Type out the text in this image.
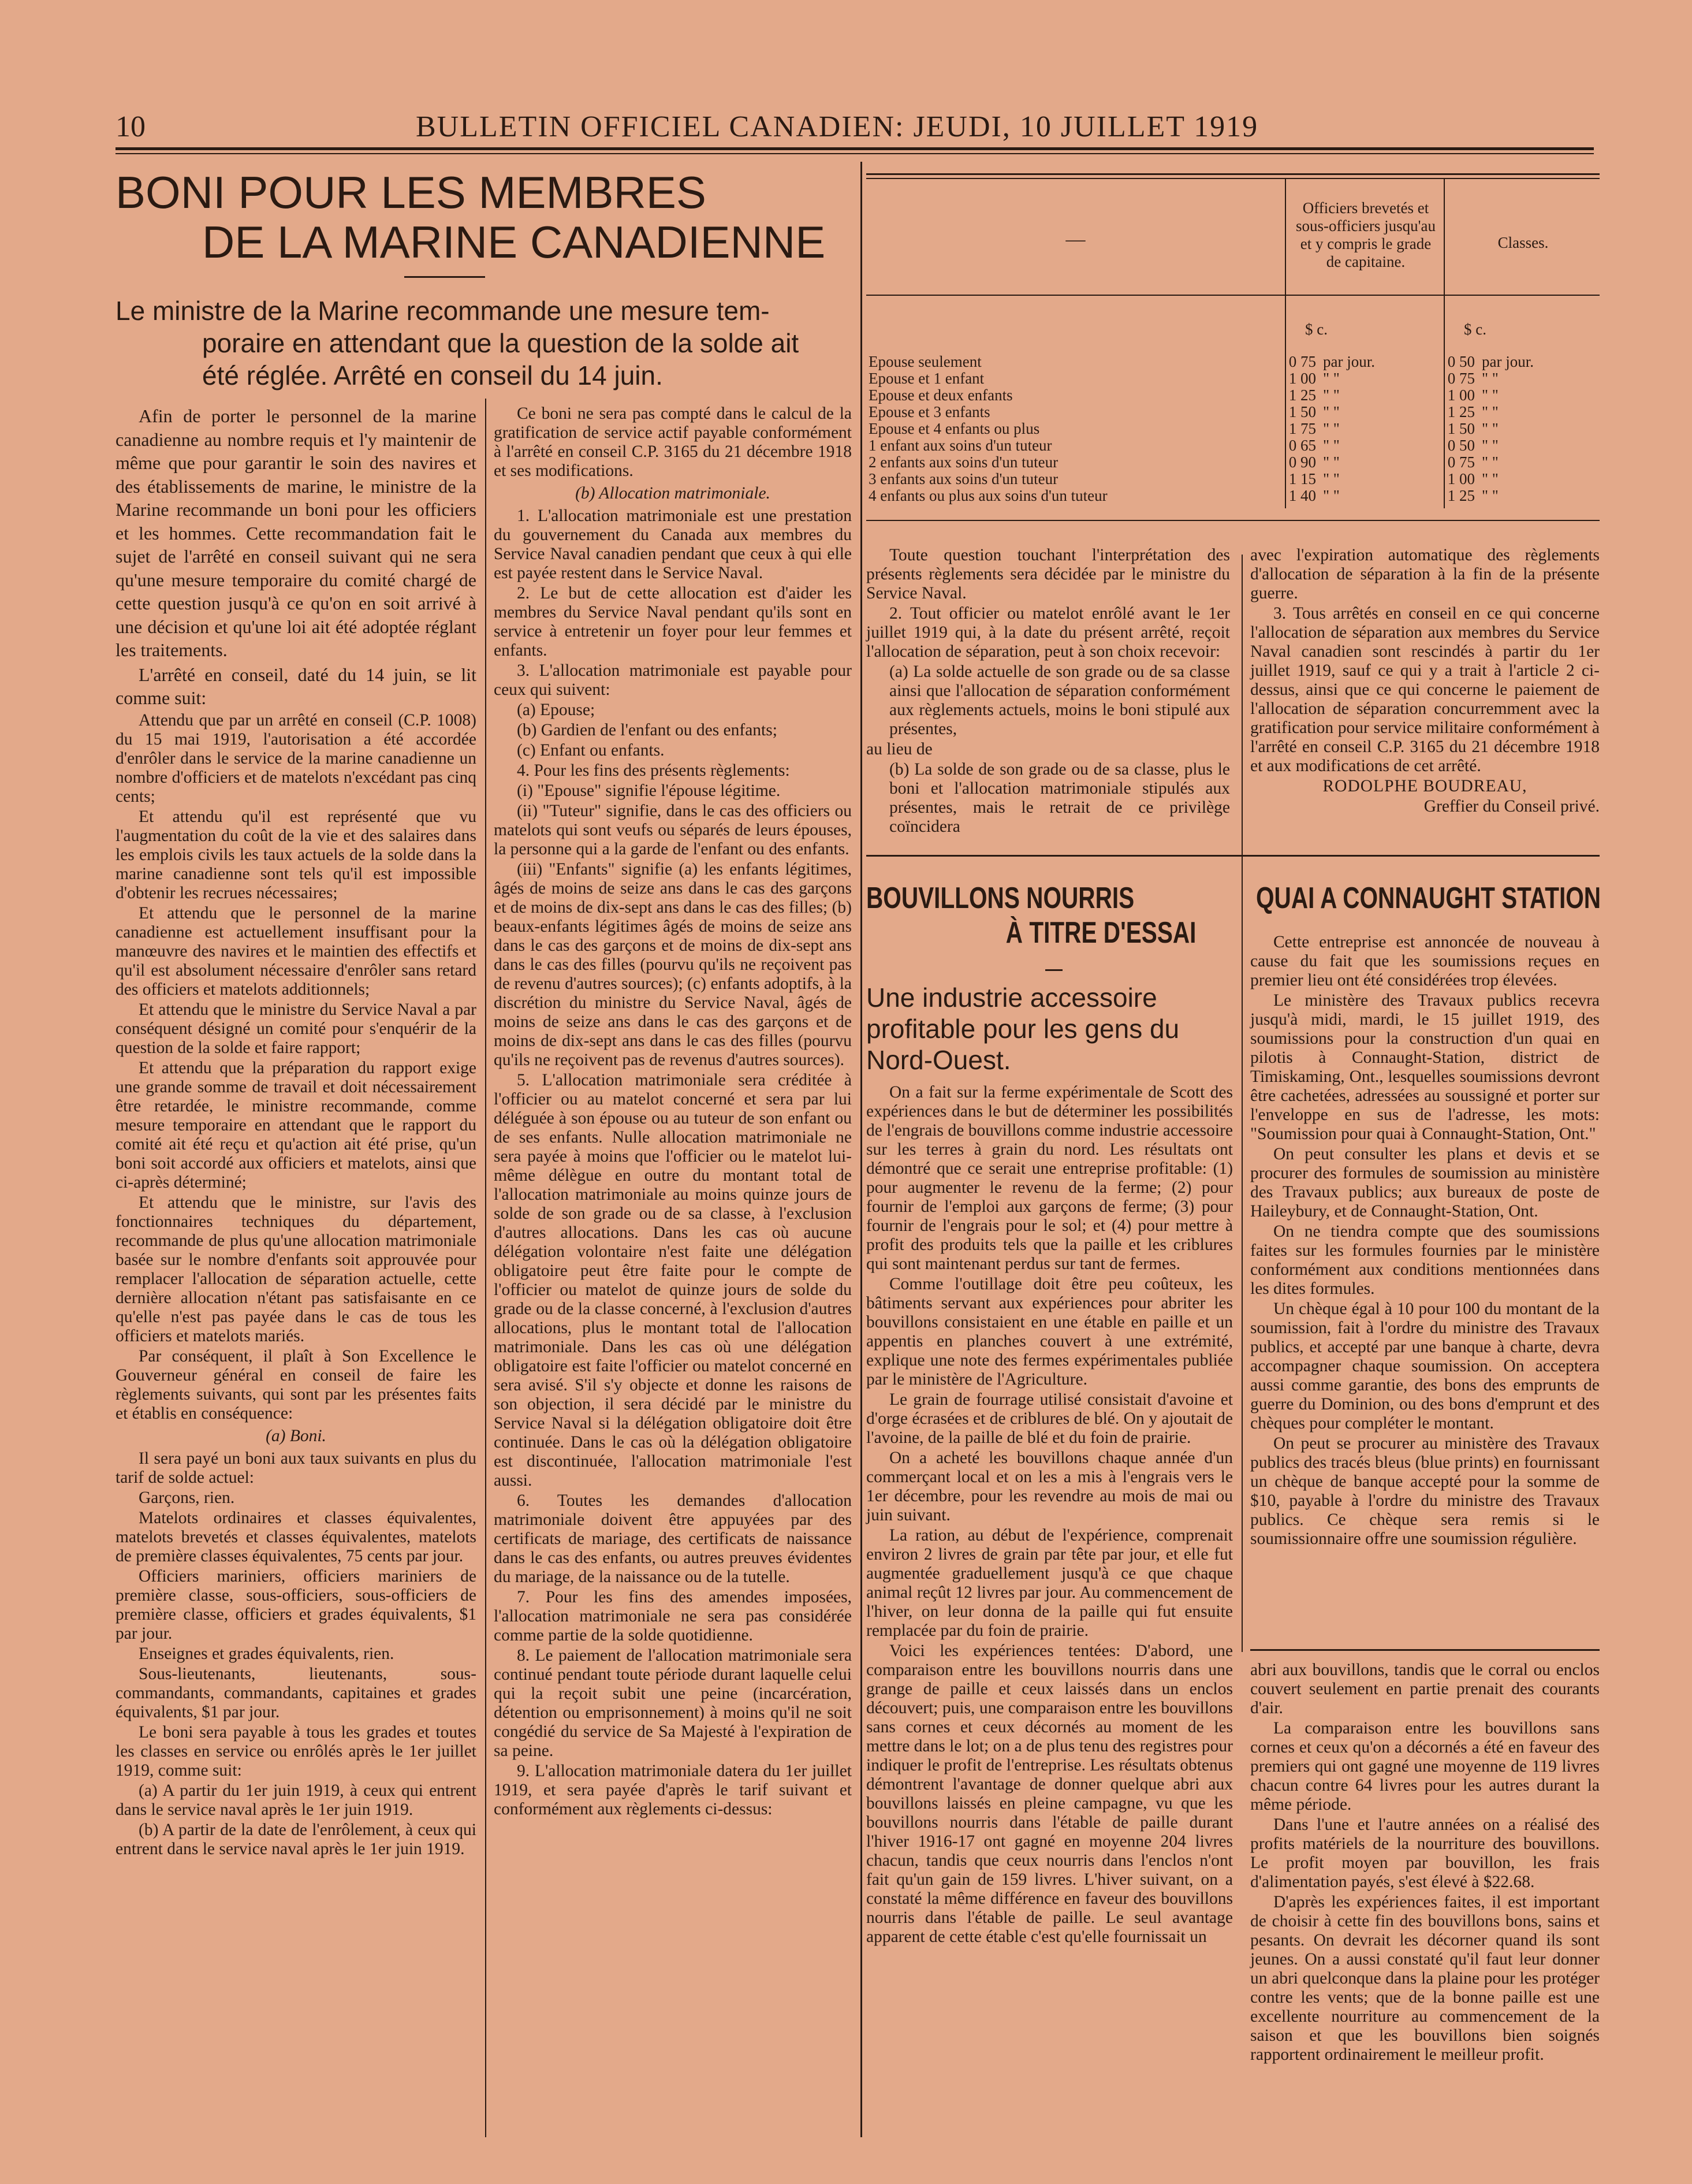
10	BULLETIN OFFICIEL CANADIEN: JEUDI, 10 JUILLET 1919
BONI POUR LES MEMBRES
DE LA MARINE CANADIENNE
Le ministre de la Marine recommande une mesure tem-
poraire en attendant que la question de la solde ait
été réglée. Arrêté en conseil du 14 juin.

Afin de porter le personnel de la marine canadienne au nombre requis et l'y maintenir de même que pour garantir le soin des navires et des établissements de marine, le ministre de la Marine recommande un boni pour les officiers et les hommes. Cette recommandation fait le sujet de l'arrêté en conseil suivant qui ne sera qu'une mesure temporaire du comité chargé de cette question jusqu'à ce qu'on en soit arrivé à une décision et qu'une loi ait été adoptée réglant les traitements.

L'arrêté en conseil, daté du 14 juin, se lit comme suit:

Attendu que par un arrêté en conseil (C.P. 1008) du 15 mai 1919, l'autorisation a été accordée d'enrôler dans le service de la marine canadienne un nombre d'officiers et de matelots n'excédant pas cinq cents;

Et attendu qu'il est représenté que vu l'augmentation du coût de la vie et des salaires dans les emplois civils les taux actuels de la solde dans la marine canadienne sont tels qu'il est impossible d'obtenir les recrues nécessaires;

Et attendu que le personnel de la marine canadienne est actuellement insuffisant pour la manœuvre des navires et le maintien des effectifs et qu'il est absolument nécessaire d'enrôler sans retard des officiers et matelots additionnels;

Et attendu que le ministre du Service Naval a par conséquent désigné un comité pour s'enquérir de la question de la solde et faire rapport;

Et attendu que la préparation du rapport exige une grande somme de travail et doit nécessairement être retardée, le ministre recommande, comme mesure temporaire en attendant que le rapport du comité ait été reçu et qu'action ait été prise, qu'un boni soit accordé aux officiers et matelots, ainsi que ci-après déterminé;

Et attendu que le ministre, sur l'avis des fonctionnaires techniques du département, recommande de plus qu'une allocation matrimoniale basée sur le nombre d'enfants soit approuvée pour remplacer l'allocation de séparation actuelle, cette dernière allocation n'étant pas satisfaisante en ce qu'elle n'est pas payée dans le cas de tous les officiers et matelots mariés.

Par conséquent, il plaît à Son Excellence le Gouverneur général en conseil de faire les règlements suivants, qui sont par les présentes faits et établis en conséquence:

(a) Boni.

Il sera payé un boni aux taux suivants en plus du tarif de solde actuel:

Garçons, rien.

Matelots ordinaires et classes équivalentes, matelots brevetés et classes équivalentes, matelots de première classes équivalentes, 75 cents par jour.

Officiers mariniers, officiers mariniers de première classe, sous-officiers, sous-officiers de première classe, officiers et grades équivalents, $1 par jour.

Enseignes et grades équivalents, rien.

Sous-lieutenants, lieutenants, sous-commandants, commandants, capitaines et grades équivalents, $1 par jour.

Le boni sera payable à tous les grades et toutes les classes en service ou enrôlés après le 1er juillet 1919, comme suit:

(a) A partir du 1er juin 1919, à ceux qui entrent dans le service naval après le 1er juin 1919.

(b) A partir de la date de l'enrôlement, à ceux qui entrent dans le service naval après le 1er juin 1919.

Ce boni ne sera pas compté dans le calcul de la gratification de service actif payable conformément à l'arrêté en conseil C.P. 3165 du 21 décembre 1918 et ses modifications.

(b) Allocation matrimoniale.

1. L'allocation matrimoniale est une prestation du gouvernement du Canada aux membres du Service Naval canadien pendant que ceux à qui elle est payée restent dans le Service Naval.

2. Le but de cette allocation est d'aider les membres du Service Naval pendant qu'ils sont en service à entretenir un foyer pour leur femmes et enfants.

3. L'allocation matrimoniale est payable pour ceux qui suivent:

(a) Epouse;

(b) Gardien de l'enfant ou des enfants;

(c) Enfant ou enfants.

4. Pour les fins des présents règlements:

(i) "Epouse" signifie l'épouse légitime.

(ii) "Tuteur" signifie, dans le cas des officiers ou matelots qui sont veufs ou séparés de leurs épouses, la personne qui a la garde de l'enfant ou des enfants.

(iii) "Enfants" signifie (a) les enfants légitimes, âgés de moins de seize ans dans le cas des garçons et de moins de dix-sept ans dans le cas des filles; (b) beaux-enfants légitimes âgés de moins de seize ans dans le cas des garçons et de moins de dix-sept ans dans le cas des filles (pourvu qu'ils ne reçoivent pas de revenu d'autres sources); (c) enfants adoptifs, à la discrétion du ministre du Service Naval, âgés de moins de seize ans dans le cas des garçons et de moins de dix-sept ans dans le cas des filles (pourvu qu'ils ne reçoivent pas de revenus d'autres sources).

5. L'allocation matrimoniale sera créditée à l'officier ou au matelot concerné et sera par lui déléguée à son épouse ou au tuteur de son enfant ou de ses enfants. Nulle allocation matrimoniale ne sera payée à moins que l'officier ou le matelot lui-même délègue en outre du montant total de l'allocation matrimoniale au moins quinze jours de solde de son grade ou de sa classe, à l'exclusion d'autres allocations. Dans les cas où aucune délégation volontaire n'est faite une délégation obligatoire peut être faite pour le compte de l'officier ou matelot de quinze jours de solde du grade ou de la classe concerné, à l'exclusion d'autres allocations, plus le montant total de l'allocation matrimoniale. Dans les cas où une délégation obligatoire est faite l'officier ou matelot concerné en sera avisé. S'il s'y objecte et donne les raisons de son objection, il sera décidé par le ministre du Service Naval si la délégation obligatoire doit être continuée. Dans le cas où la délégation obligatoire est discontinuée, l'allocation matrimoniale l'est aussi.

6. Toutes les demandes d'allocation matrimoniale doivent être appuyées par des certificats de mariage, des certificats de naissance dans le cas des enfants, ou autres preuves évidentes du mariage, de la naissance ou de la tutelle.

7. Pour les fins des amendes imposées, l'allocation matrimoniale ne sera pas considérée comme partie de la solde quotidienne.

8. Le paiement de l'allocation matrimoniale sera continué pendant toute période durant laquelle celui qui la reçoit subit une peine (incarcération, détention ou emprisonnement) à moins qu'il ne soit congédié du service de Sa Majesté à l'expiration de sa peine.

9. L'allocation matrimoniale datera du 1er juillet 1919, et sera payée d'après le tarif suivant et conformément aux règlements ci-dessus:

—
Officiers brevetés et sous-officiers jusqu'au et y compris le grade de capitaine.
Classes.
$ c.	$ c.
Epouse seulement	0 75	par jour.	0 50	par jour.
Epouse et 1 enfant	1 00	" "	0 75	" "
Epouse et deux enfants	1 25	" "	1 00	" "
Epouse et 3 enfants	1 50	" "	1 25	" "
Epouse et 4 enfants ou plus	1 75	" "	1 50	" "
1 enfant aux soins d'un tuteur	0 65	" "	0 50	" "
2 enfants aux soins d'un tuteur	0 90	" "	0 75	" "
3 enfants aux soins d'un tuteur	1 15	" "	1 00	" "
4 enfants ou plus aux soins d'un tuteur	1 40	" "	1 25	" "

Toute question touchant l'interprétation des présents règlements sera décidée par le ministre du Service Naval.

2. Tout officier ou matelot enrôlé avant le 1er juillet 1919 qui, à la date du présent arrêté, reçoit l'allocation de séparation, peut à son choix recevoir:

(a) La solde actuelle de son grade ou de sa classe ainsi que l'allocation de séparation conformément aux règlements actuels, moins le boni stipulé aux présentes,

au lieu de

(b) La solde de son grade ou de sa classe, plus le boni et l'allocation matrimoniale stipulés aux présentes, mais le retrait de ce privilège coïncidera

avec l'expiration automatique des règlements d'allocation de séparation à la fin de la présente guerre.

3. Tous arrêtés en conseil en ce qui concerne l'allocation de séparation aux membres du Service Naval canadien sont rescindés à partir du 1er juillet 1919, sauf ce qui y a trait à l'article 2 ci-dessus, ainsi que ce qui concerne le paiement de l'allocation de séparation concurremment avec la gratification pour service militaire conformément à l'arrêté en conseil C.P. 3165 du 21 décembre 1918 et aux modifications de cet arrêté.

RODOLPHE BOUDREAU,

Greffier du Conseil privé.

BOUVILLONS NOURRIS
À TITRE D'ESSAI
Une industrie accessoire profitable pour les gens du Nord-Ouest.

On a fait sur la ferme expérimentale de Scott des expériences dans le but de déterminer les possibilités de l'engrais de bouvillons comme industrie accessoire sur les terres à grain du nord. Les résultats ont démontré que ce serait une entreprise profitable: (1) pour augmenter le revenu de la ferme; (2) pour fournir de l'emploi aux garçons de ferme; (3) pour fournir de l'engrais pour le sol; et (4) pour mettre à profit des produits tels que la paille et les criblures qui sont maintenant perdus sur tant de fermes.

Comme l'outillage doit être peu coûteux, les bâtiments servant aux expériences pour abriter les bouvillons consistaient en une étable en paille et un appentis en planches couvert à une extrémité, explique une note des fermes expérimentales publiée par le ministère de l'Agriculture.

Le grain de fourrage utilisé consistait d'avoine et d'orge écrasées et de criblures de blé. On y ajoutait de l'avoine, de la paille de blé et du foin de prairie.

On a acheté les bouvillons chaque année d'un commerçant local et on les a mis à l'engrais vers le 1er décembre, pour les revendre au mois de mai ou juin suivant.

La ration, au début de l'expérience, comprenait environ 2 livres de grain par tête par jour, et elle fut augmentée graduellement jusqu'à ce que chaque animal reçût 12 livres par jour. Au commencement de l'hiver, on leur donna de la paille qui fut ensuite remplacée par du foin de prairie.

Voici les expériences tentées: D'abord, une comparaison entre les bouvillons nourris dans une grange de paille et ceux laissés dans un enclos découvert; puis, une comparaison entre les bouvillons sans cornes et ceux décornés au moment de les mettre dans le lot; on a de plus tenu des registres pour indiquer le profit de l'entreprise. Les résultats obtenus démontrent l'avantage de donner quelque abri aux bouvillons laissés en pleine campagne, vu que les bouvillons nourris dans l'étable de paille durant l'hiver 1916-17 ont gagné en moyenne 204 livres chacun, tandis que ceux nourris dans l'enclos n'ont fait qu'un gain de 159 livres. L'hiver suivant, on a constaté la même différence en faveur des bouvillons nourris dans l'étable de paille. Le seul avantage apparent de cette étable c'est qu'elle fournissait un

abri aux bouvillons, tandis que le corral ou enclos couvert seulement en partie prenait des courants d'air.

La comparaison entre les bouvillons sans cornes et ceux qu'on a décornés a été en faveur des premiers qui ont gagné une moyenne de 119 livres chacun contre 64 livres pour les autres durant la même période.

Dans l'une et l'autre années on a réalisé des profits matériels de la nourriture des bouvillons. Le profit moyen par bouvillon, les frais d'alimentation payés, s'est élevé à $22.68.

D'après les expériences faites, il est important de choisir à cette fin des bouvillons bons, sains et pesants. On devrait les décorner quand ils sont jeunes. On a aussi constaté qu'il faut leur donner un abri quelconque dans la plaine pour les protéger contre les vents; que de la bonne paille est une excellente nourriture au commencement de la saison et que les bouvillons bien soignés rapportent ordinairement le meilleur profit.

QUAI A CONNAUGHT STATION

Cette entreprise est annoncée de nouveau à cause du fait que les soumissions reçues en premier lieu ont été considérées trop élevées.

Le ministère des Travaux publics recevra jusqu'à midi, mardi, le 15 juillet 1919, des soumissions pour la construction d'un quai en pilotis à Connaught-Station, district de Timiskaming, Ont., lesquelles soumissions devront être cachetées, adressées au soussigné et porter sur l'enveloppe en sus de l'adresse, les mots: "Soumission pour quai à Connaught-Station, Ont."

On peut consulter les plans et devis et se procurer des formules de soumission au ministère des Travaux publics; aux bureaux de poste de Haileybury, et de Connaught-Station, Ont.

On ne tiendra compte que des soumissions faites sur les formules fournies par le ministère conformément aux conditions mentionnées dans les dites formules.

Un chèque égal à 10 pour 100 du montant de la soumission, fait à l'ordre du ministre des Travaux publics, et accepté par une banque à charte, devra accompagner chaque soumission. On acceptera aussi comme garantie, des bons des emprunts de guerre du Dominion, ou des bons d'emprunt et des chèques pour compléter le montant.

On peut se procurer au ministère des Travaux publics des tracés bleus (blue prints) en fournissant un chèque de banque accepté pour la somme de $10, payable à l'ordre du ministre des Travaux publics. Ce chèque sera remis si le soumissionnaire offre une soumission régulière.
